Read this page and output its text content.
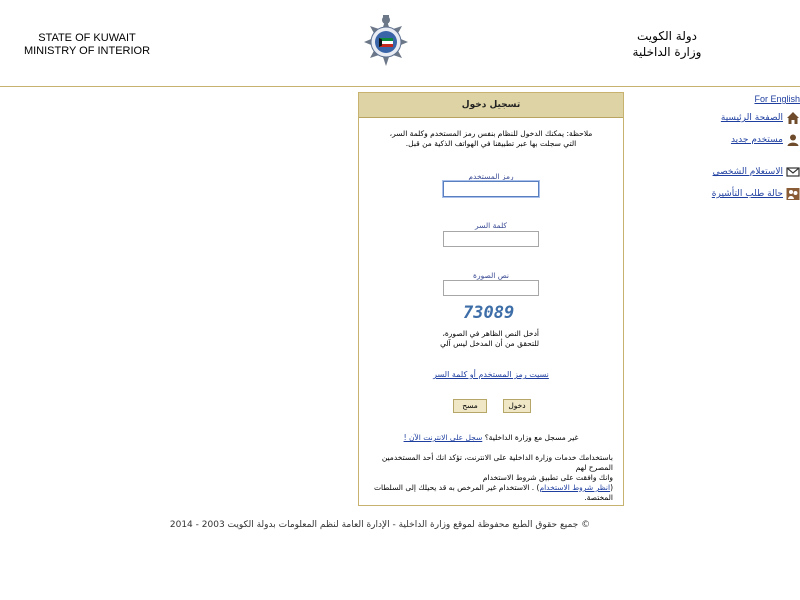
STATE OF KUWAIT
MINISTRY OF INTERIOR
دولة الكويت
وزارة الداخلية
For English
الصفحة الرئيسية
مستخدم جديد
الاستعلام الشخصي
حالة طلب التأشيرة
تسجيل دخول
ملاحظة: يمكنك الدخول للنظام بنفس رمز المستخدم وكلمة السر،
التي سجلت بها عبر تطبيقنا في الهواتف الذكية من قبل.
رمز المستخدم
كلمة السر
نص الصورة
73089
أدخل النص الظاهر في الصورة،
للتحقق من أن المدخل ليس آلي
نسيت رمز المستخدم أو كلمة السر
مسح	دخول
غير مسجل مع وزارة الداخلية؟ سجل على الانترنت الآن !
باستخدامك خدمات وزارة الداخلية على الانترنت، تؤكد انك أحد المستخدمين المصرح لهم
وانك وافقت على تطبيق شروط الاستخدام
(انظر شروط الاستخدام) . الاستخدام غير المرخص به قد يحيلك إلى السلطات
المختصة.
© جميع حقوق الطبع محفوظة لموقع وزارة الداخلية - الإدارة العامة لنظم المعلومات بدولة الكويت 2003 - 2014
